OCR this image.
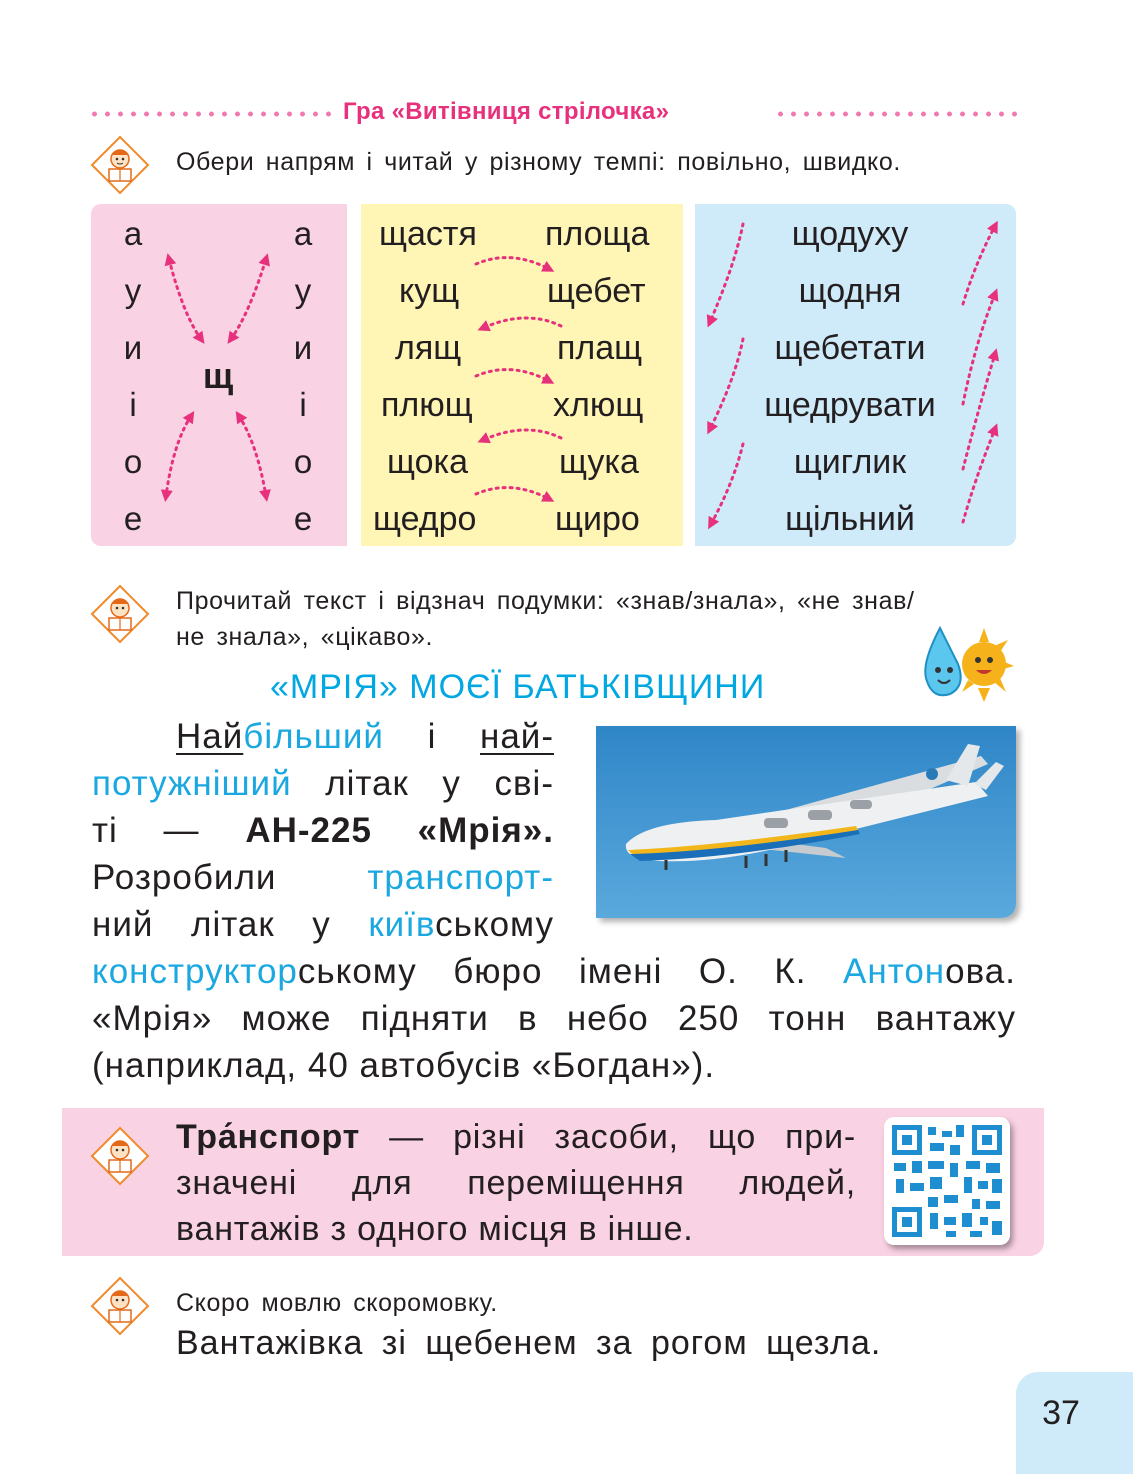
Гра «Витівниця стрілочка»
Обери напрям і читай у різному темпі: повільно, швидко.
а
у
и
і
о
е
а
у
и
і
о
е
щ
щастя
кущ
лящ
плющ
щока
щедро
площа
щебет
плащ
хлющ
щука
щиро
щодуху
щодня
щебетати
щедрувати
щиглик
щільний
Прочитай текст і відзнач подумки: «знав/знала», «не знав/
не знала», «цікаво».
«МРІЯ» МОЄЇ БАТЬКІВЩИНИ
Найбільший і най-
потужніший літак у сві-
ті — АН-225 «Мрія».
Розробили	транспорт-
ний літак у київському
конструкторському бюро імені О. К. Антонова.
«Мрія» може підняти в небо 250 тонн вантажу
(наприклад, 40 автобусів «Богдан»).
Тра́нспорт — різні засоби, що при-
значені для переміщення людей,
вантажів з одного місця в інше.
Скоро мовлю скоромовку.
Вантажівка зі щебенем за рогом щезла.
37
